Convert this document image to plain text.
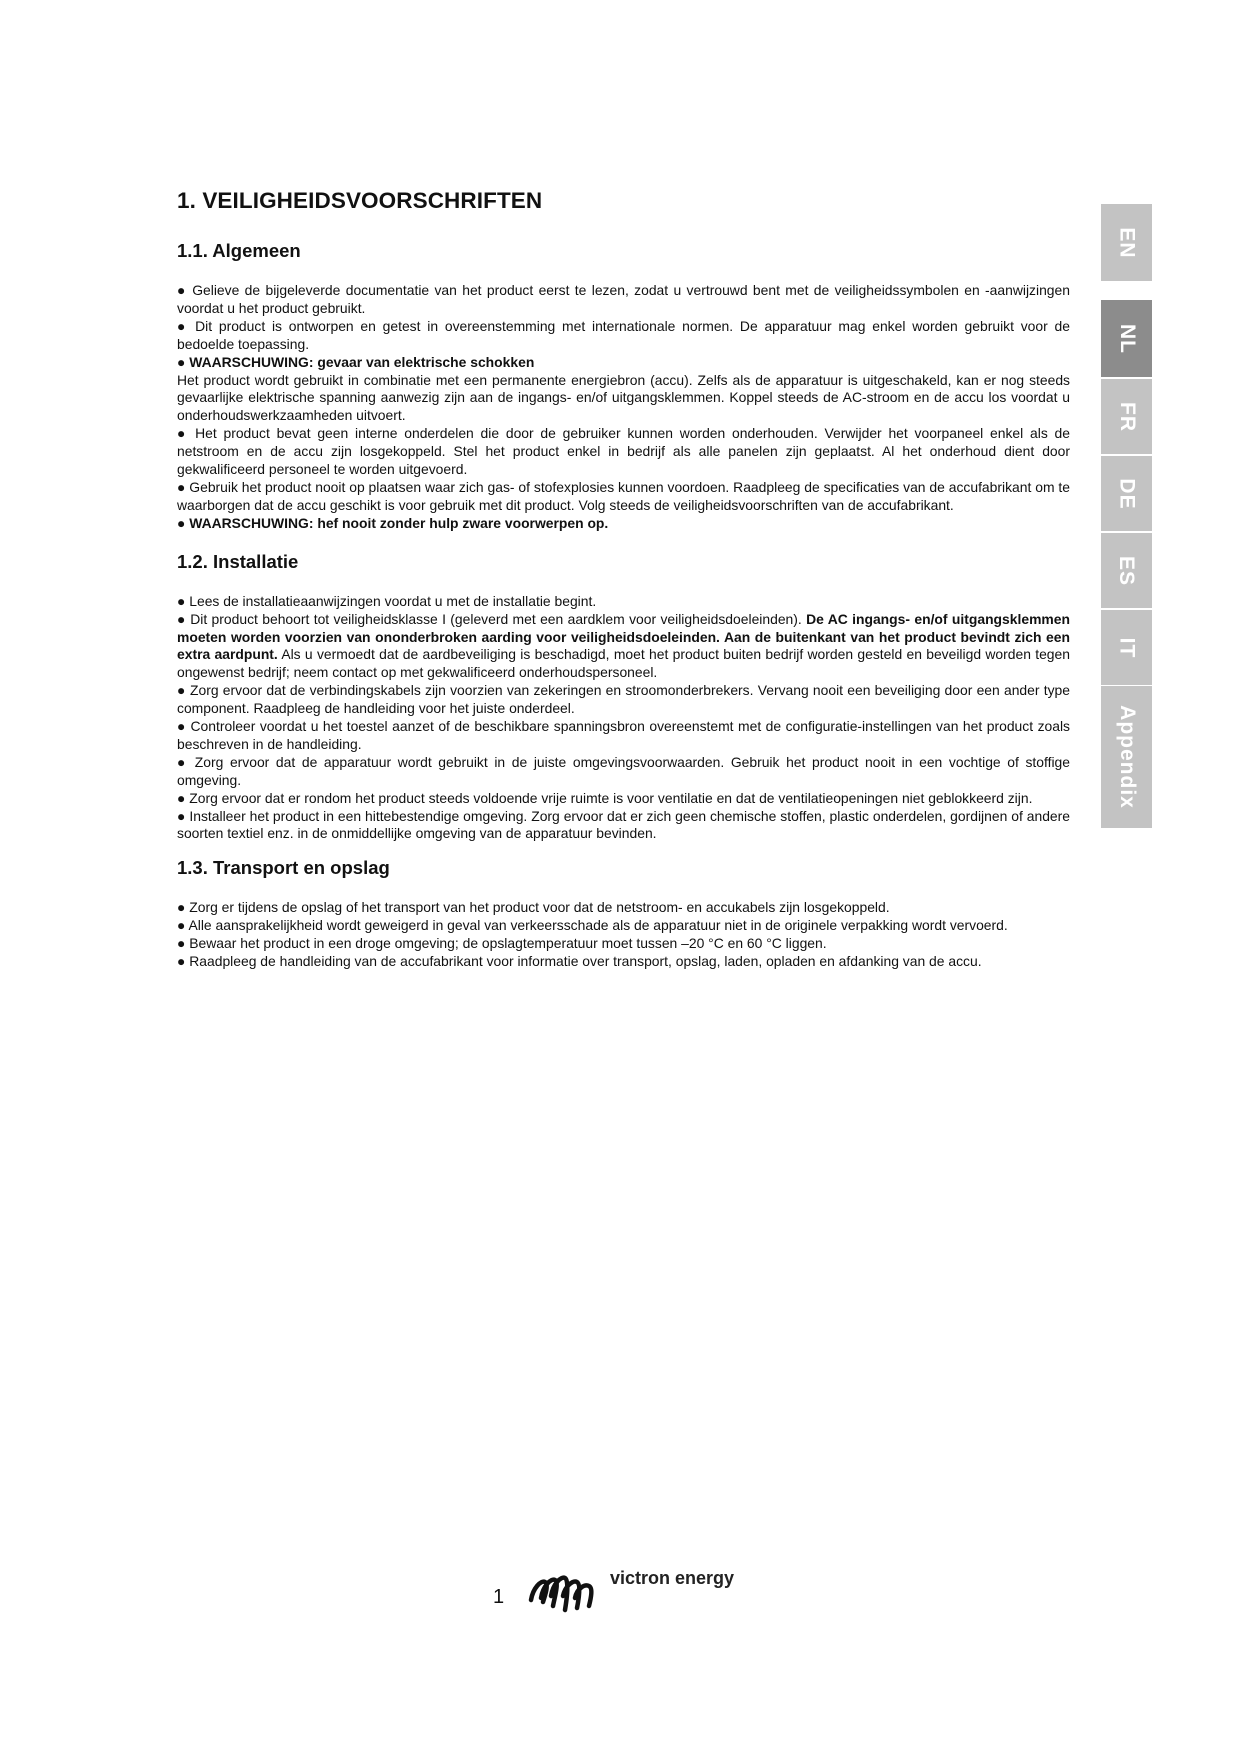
1. VEILIGHEIDSVOORSCHRIFTEN
1.1. Algemeen

● Gelieve de bijgeleverde documentatie van het product eerst te lezen, zodat u vertrouwd bent met de veiligheidssymbolen en -aanwijzingen voordat u het product gebruikt.

● Dit product is ontworpen en getest in overeenstemming met internationale normen. De apparatuur mag enkel worden gebruikt voor de bedoelde toepassing.

● WAARSCHUWING: gevaar van elektrische schokken

Het product wordt gebruikt in combinatie met een permanente energiebron (accu). Zelfs als de apparatuur is uitgeschakeld, kan er nog steeds gevaarlijke elektrische spanning aanwezig zijn aan de ingangs- en/of uitgangsklemmen. Koppel steeds de AC-stroom en de accu los voordat u onderhoudswerkzaamheden uitvoert.

● Het product bevat geen interne onderdelen die door de gebruiker kunnen worden onderhouden. Verwijder het voorpaneel enkel als de netstroom en de accu zijn losgekoppeld. Stel het product enkel in bedrijf als alle panelen zijn geplaatst. Al het onderhoud dient door gekwalificeerd personeel te worden uitgevoerd.

● Gebruik het product nooit op plaatsen waar zich gas- of stofexplosies kunnen voordoen. Raadpleeg de specificaties van de accufabrikant om te waarborgen dat de accu geschikt is voor gebruik met dit product. Volg steeds de veiligheidsvoorschriften van de accufabrikant.

● WAARSCHUWING: hef nooit zonder hulp zware voorwerpen op.

1.2. Installatie

● Lees de installatieaanwijzingen voordat u met de installatie begint.

● Dit product behoort tot veiligheidsklasse I (geleverd met een aardklem voor veiligheidsdoeleinden). De AC ingangs- en/of uitgangsklemmen moeten worden voorzien van ononderbroken aarding voor veiligheidsdoeleinden. Aan de buitenkant van het product bevindt zich een extra aardpunt. Als u vermoedt dat de aardbeveiliging is beschadigd, moet het product buiten bedrijf worden gesteld en beveiligd worden tegen ongewenst bedrijf; neem contact op met gekwalificeerd onderhoudspersoneel.

● Zorg ervoor dat de verbindingskabels zijn voorzien van zekeringen en stroomonderbrekers. Vervang nooit een beveiliging door een ander type component. Raadpleeg de handleiding voor het juiste onderdeel.

● Controleer voordat u het toestel aanzet of de beschikbare spanningsbron overeenstemt met de configuratie-instellingen van het product zoals beschreven in de handleiding.

● Zorg ervoor dat de apparatuur wordt gebruikt in de juiste omgevingsvoorwaarden. Gebruik het product nooit in een vochtige of stoffige omgeving.

● Zorg ervoor dat er rondom het product steeds voldoende vrije ruimte is voor ventilatie en dat de ventilatieopeningen niet geblokkeerd zijn.

● Installeer het product in een hittebestendige omgeving. Zorg ervoor dat er zich geen chemische stoffen, plastic onderdelen, gordijnen of andere soorten textiel enz. in de onmiddellijke omgeving van de apparatuur bevinden.

1.3. Transport en opslag

● Zorg er tijdens de opslag of het transport van het product voor dat de netstroom- en accukabels zijn losgekoppeld.

● Alle aansprakelijkheid wordt geweigerd in geval van verkeersschade als de apparatuur niet in de originele verpakking wordt vervoerd.

● Bewaar het product in een droge omgeving; de opslagtemperatuur moet tussen –20 °C en 60 °C liggen.

● Raadpleeg de handleiding van de accufabrikant voor informatie over transport, opslag, laden, opladen en afdanking van de accu.

EN
NL
FR
DE
ES
IT
Appendix
1
victron energy
